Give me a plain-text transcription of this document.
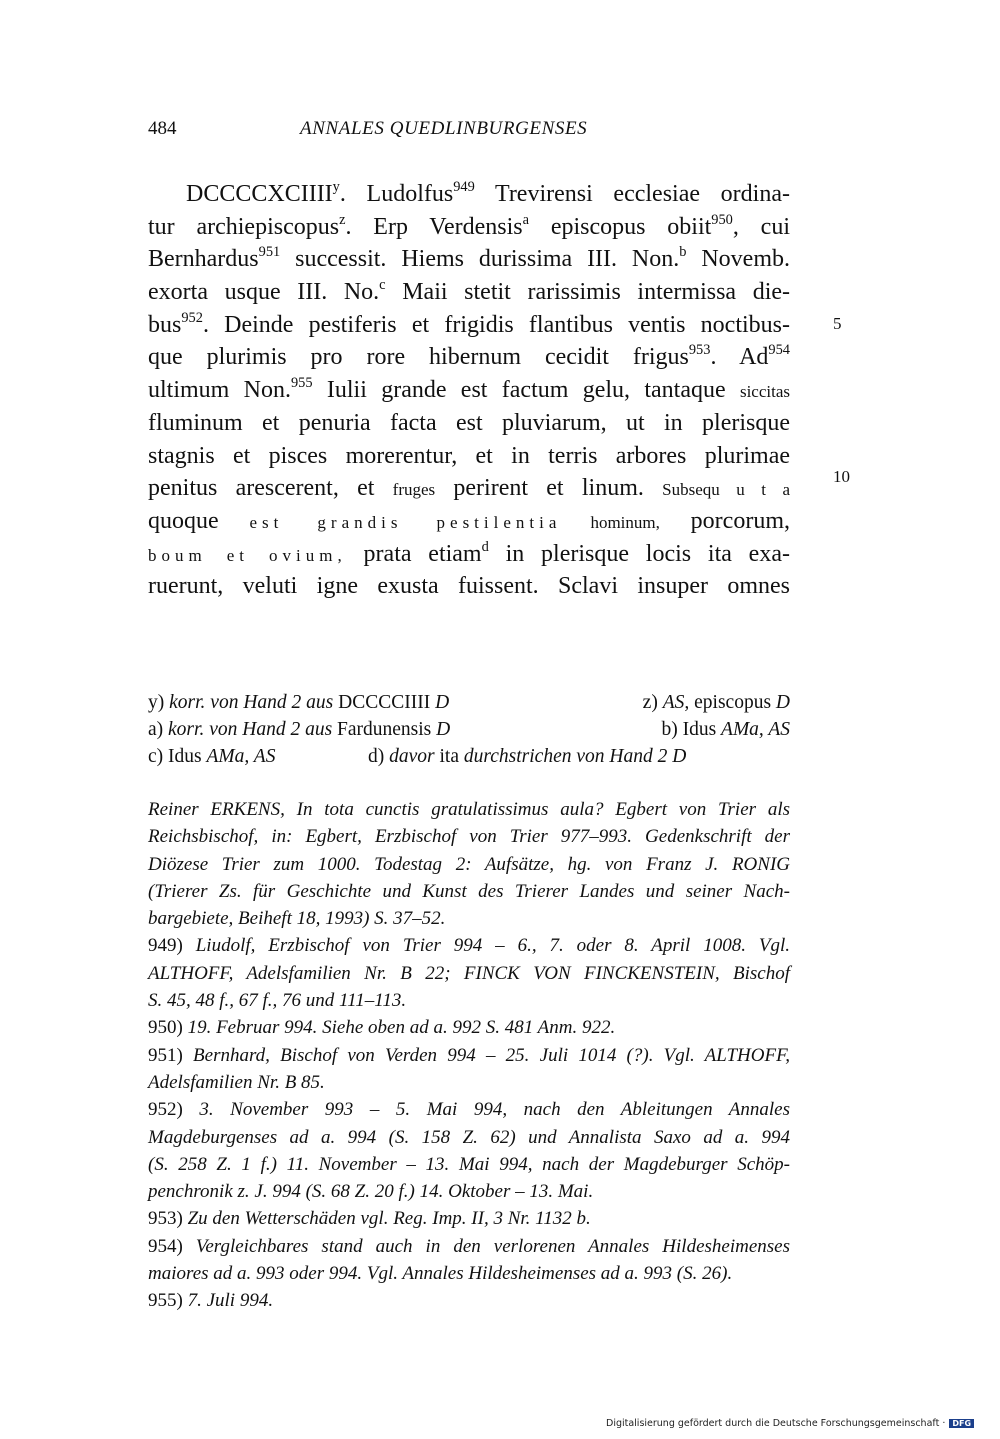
484	ANNALES QUEDLINBURGENSES
DCCCCXCIIII$^y$. Ludolfus$^{949}$ Trevirensi ecclesiae ordina-
tur archiepiscopus$^z$. Erp Verdensis$^a$ episcopus obiit$^{950}$, cui
Bernhardus$^{951}$ successit. Hiems durissima III. Non.$^b$ Novemb.
exorta usque III. No.$^c$ Maii stetit rarissimis intermissa die-
bus$^{952}$. Deinde pestiferis et frigidis flantibus ventis noctibus-
que plurimis pro rore hibernum cecidit frigus$^{953}$. Ad$^{954}$
ultimum Non.$^{955}$ Iulii grande est factum gelu, tantaque siccitas
fluminum et penuria facta est pluviarum, ut in plerisque
stagnis et pisces morerentur, et in terris arbores plurimae
penitus arescerent, et fruges perirent et linum. Subsequ u t a
quoque est grandis pestilentia hominum, porcorum,
boum et ovium, prata etiam$^d$ in plerisque locis ita exa-
ruerunt, veluti igne exusta fuissent. Sclavi insuper omnes
5
10
y) korr. von Hand 2 aus DCCCCIIII D	z) AS, episcopus D
a) korr. von Hand 2 aus Fardunensis D	b) Idus AMa, AS
c) Idus AMa, AS	d) davor ita durchstrichen von Hand 2 D
Reiner ERKENS, In tota cunctis gratulatissimus aula? Egbert von Trier als
Reichsbischof, in: Egbert, Erzbischof von Trier 977–993. Gedenkschrift der
Diözese Trier zum 1000. Todestag 2: Aufsätze, hg. von Franz J. RONIG
(Trierer Zs. für Geschichte und Kunst des Trierer Landes und seiner Nach-
bargebiete, Beiheft 18, 1993) S. 37–52.
949) Liudolf, Erzbischof von Trier 994 – 6., 7. oder 8. April 1008. Vgl.
ALTHOFF, Adelsfamilien Nr. B 22; FINCK VON FINCKENSTEIN, Bischof
S. 45, 48 f., 67 f., 76 und 111–113.
950) 19. Februar 994. Siehe oben ad a. 992 S. 481 Anm. 922.
951) Bernhard, Bischof von Verden 994 – 25. Juli 1014 (?). Vgl. ALTHOFF,
Adelsfamilien Nr. B 85.
952) 3. November 993 – 5. Mai 994, nach den Ableitungen Annales
Magdeburgenses ad a. 994 (S. 158 Z. 62) und Annalista Saxo ad a. 994
(S. 258 Z. 1 f.) 11. November – 13. Mai 994, nach der Magdeburger Schöp-
penchronik z. J. 994 (S. 68 Z. 20 f.) 14. Oktober – 13. Mai.
953) Zu den Wetterschäden vgl. Reg. Imp. II, 3 Nr. 1132 b.
954) Vergleichbares stand auch in den verlorenen Annales Hildesheimenses
maiores ad a. 993 oder 994. Vgl. Annales Hildesheimenses ad a. 993 (S. 26).
955) 7. Juli 994.
Digitalisierung gefördert durch die Deutsche Forschungsgemeinschaft · DFG
